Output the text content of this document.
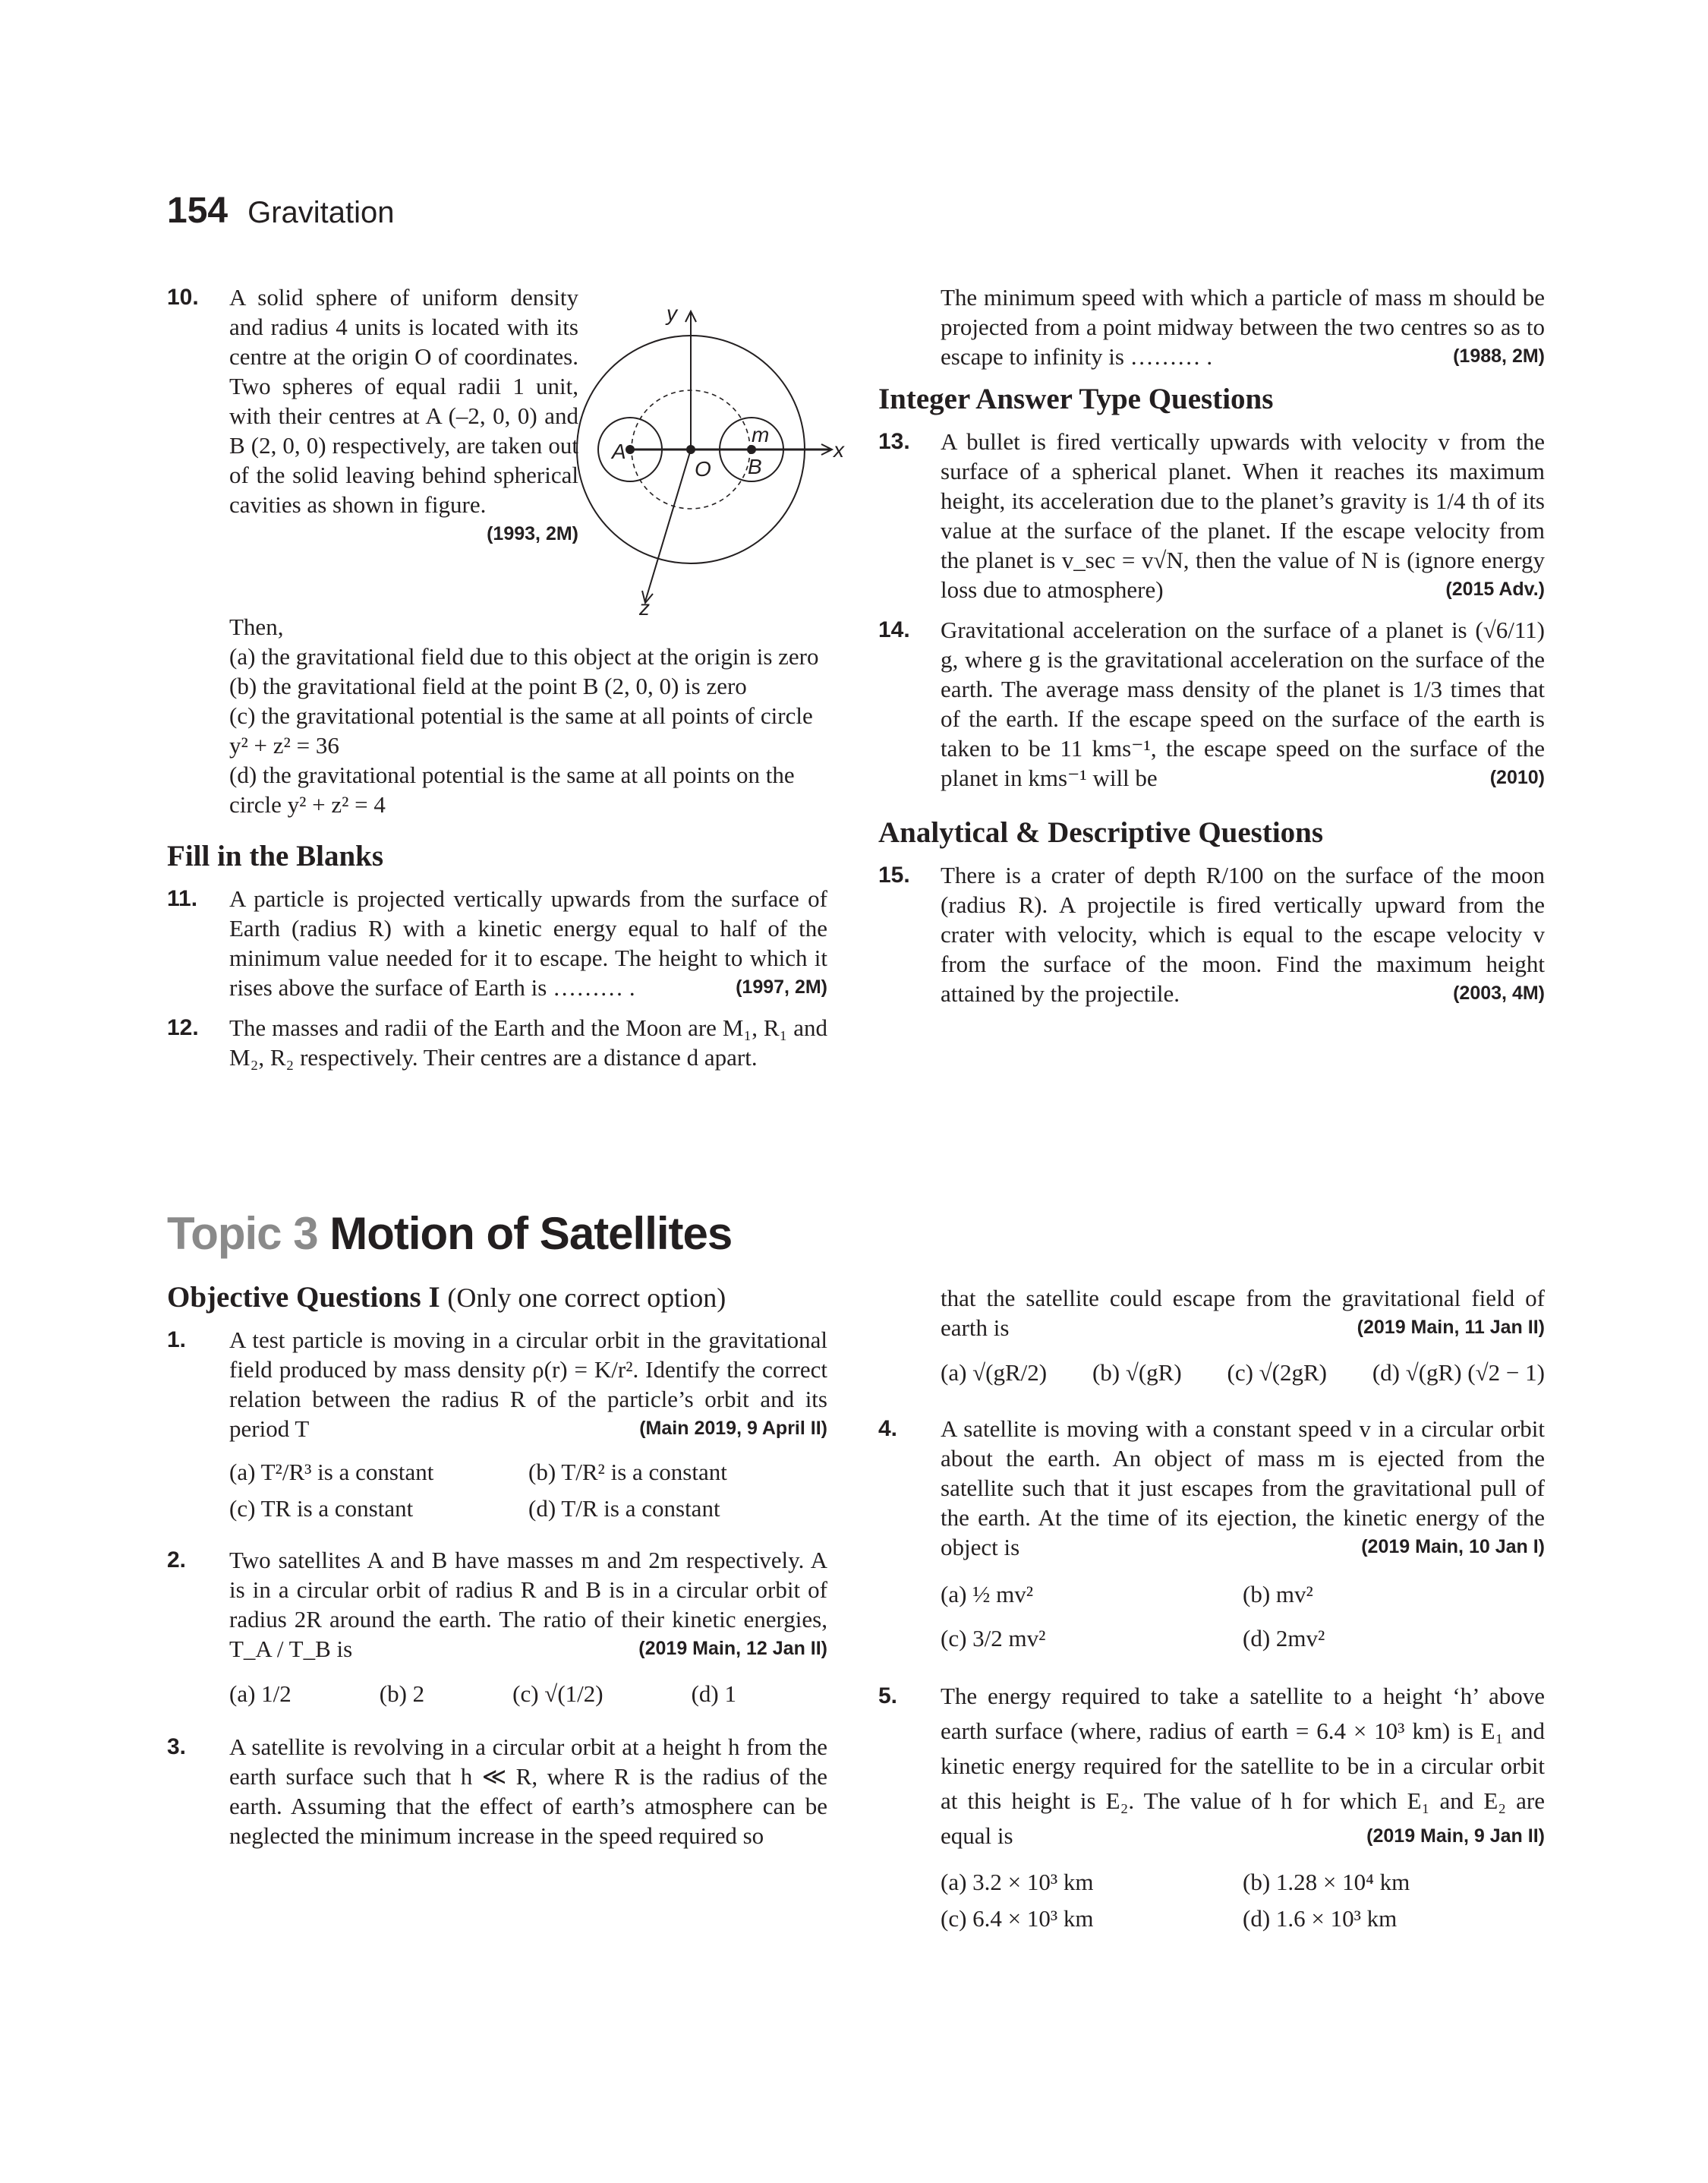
154 Gravitation
10. A solid sphere of uniform density and radius 4 units is located with its centre at the origin O of coordinates. Two spheres of equal radii 1 unit, with their centres at A (–2, 0, 0) and B (2, 0, 0) respectively, are taken out of the solid leaving behind spherical cavities as shown in figure.
(1993, 2M)
y
x
z
A
B
O
m
Then,
(a) the gravitational field due to this object at the origin is zero
(b) the gravitational field at the point B (2, 0, 0) is zero
(c) the gravitational potential is the same at all points of circle y² + z² = 36
(d) the gravitational potential is the same at all points on the circle y² + z² = 4
Fill in the Blanks
11. A particle is projected vertically upwards from the surface of Earth (radius R) with a kinetic energy equal to half of the minimum value needed for it to escape. The height to which it rises above the surface of Earth is ……… .	(1997, 2M)
12. The masses and radii of the Earth and the Moon are M₁, R₁ and M₂, R₂ respectively. Their centres are a distance d apart.
The minimum speed with which a particle of mass m should be projected from a point midway between the two centres so as to escape to infinity is ……… .	(1988, 2M)
Integer Answer Type Questions
13. A bullet is fired vertically upwards with velocity v from the surface of a spherical planet. When it reaches its maximum height, its acceleration due to the planet’s gravity is 1/4 th of its value at the surface of the planet. If the escape velocity from the planet is v_sec = v√N, then the value of N is (ignore energy loss due to atmosphere)	(2015 Adv.)
14. Gravitational acceleration on the surface of a planet is (√6/11) g, where g is the gravitational acceleration on the surface of the earth. The average mass density of the planet is 1/3 times that of the earth. If the escape speed on the surface of the earth is taken to be 11 kms⁻¹, the escape speed on the surface of the planet in kms⁻¹ will be	(2010)
Analytical & Descriptive Questions
15. There is a crater of depth R/100 on the surface of the moon (radius R). A projectile is fired vertically upward from the crater with velocity, which is equal to the escape velocity v from the surface of the moon. Find the maximum height attained by the projectile.	(2003, 4M)
Topic 3 Motion of Satellites
Objective Questions I (Only one correct option)
1. A test particle is moving in a circular orbit in the gravitational field produced by mass density ρ(r) = K/r². Identify the correct relation between the radius R of the particle’s orbit and its period T	(Main 2019, 9 April II)
(a) T²/R³ is a constant	(b) T/R² is a constant
(c) TR is a constant	(d) T/R is a constant
2. Two satellites A and B have masses m and 2m respectively. A is in a circular orbit of radius R and B is in a circular orbit of radius 2R around the earth. The ratio of their kinetic energies, T_A / T_B is	(2019 Main, 12 Jan II)
(a) 1/2	(b) 2	(c) √(1/2)	(d) 1
3. A satellite is revolving in a circular orbit at a height h from the earth surface such that h ≪ R, where R is the radius of the earth. Assuming that the effect of earth’s atmosphere can be neglected the minimum increase in the speed required so
that the satellite could escape from the gravitational field of earth is	(2019 Main, 11 Jan II)
(a) √(gR/2) (b) √(gR) (c) √(2gR) (d) √(gR) (√2 − 1)
4. A satellite is moving with a constant speed v in a circular orbit about the earth. An object of mass m is ejected from the satellite such that it just escapes from the gravitational pull of the earth. At the time of its ejection, the kinetic energy of the object is	(2019 Main, 10 Jan I)
(a) ½ mv²	(b) mv²
(c) 3/2 mv²	(d) 2mv²
5. The energy required to take a satellite to a height ‘h’ above earth surface (where, radius of earth = 6.4 × 10³ km) is E₁ and kinetic energy required for the satellite to be in a circular orbit at this height is E₂. The value of h for which E₁ and E₂ are equal is	(2019 Main, 9 Jan II)
(a) 3.2 × 10³ km	(b) 1.28 × 10⁴ km
(c) 6.4 × 10³ km	(d) 1.6 × 10³ km
